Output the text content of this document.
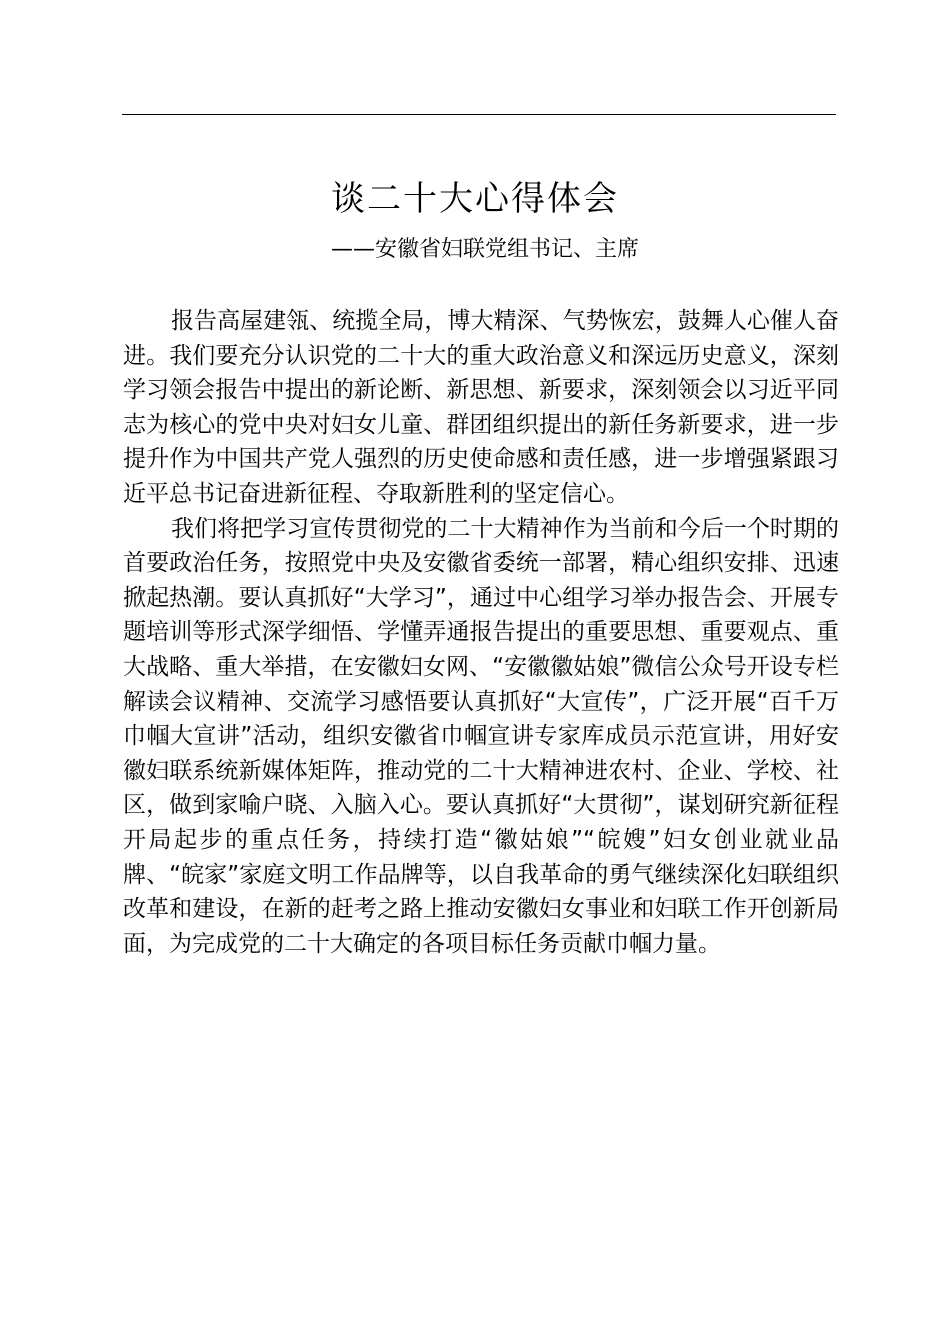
谈二十大心得体会
——安徽省妇联党组书记、主席

报告高屋建瓴、统揽全局，博大精深、气势恢宏，鼓舞人心催人奋进。我们要充分认识党的二十大的重大政治意义和深远历史意义，深刻学习领会报告中提出的新论断、新思想、新要求，深刻领会以习近平同志为核心的党中央对妇女儿童、群团组织提出的新任务新要求，进一步提升作为中国共产党人强烈的历史使命感和责任感，进一步增强紧跟习近平总书记奋进新征程、夺取新胜利的坚定信心。

我们将把学习宣传贯彻党的二十大精神作为当前和今后一个时期的首要政治任务，按照党中央及安徽省委统一部署，精心组织安排、迅速掀起热潮。要认真抓好“大学习”，通过中心组学习举办报告会、开展专题培训等形式深学细悟、学懂弄通报告提出的重要思想、重要观点、重大战略、重大举措，在安徽妇女网、“安徽徽姑娘”微信公众号开设专栏解读会议精神、交流学习感悟要认真抓好“大宣传”，广泛开展“百千万巾帼大宣讲”活动，组织安徽省巾帼宣讲专家库成员示范宣讲，用好安徽妇联系统新媒体矩阵，推动党的二十大精神进农村、企业、学校、社区，做到家喻户晓、入脑入心。要认真抓好“大贯彻”，谋划研究新征程开局起步的重点任务，持续打造“徽姑娘”“皖嫂”妇女创业就业品牌、“皖家”家庭文明工作品牌等，以自我革命的勇气继续深化妇联组织改革和建设，在新的赶考之路上推动安徽妇女事业和妇联工作开创新局面，为完成党的二十大确定的各项目标任务贡献巾帼力量。
